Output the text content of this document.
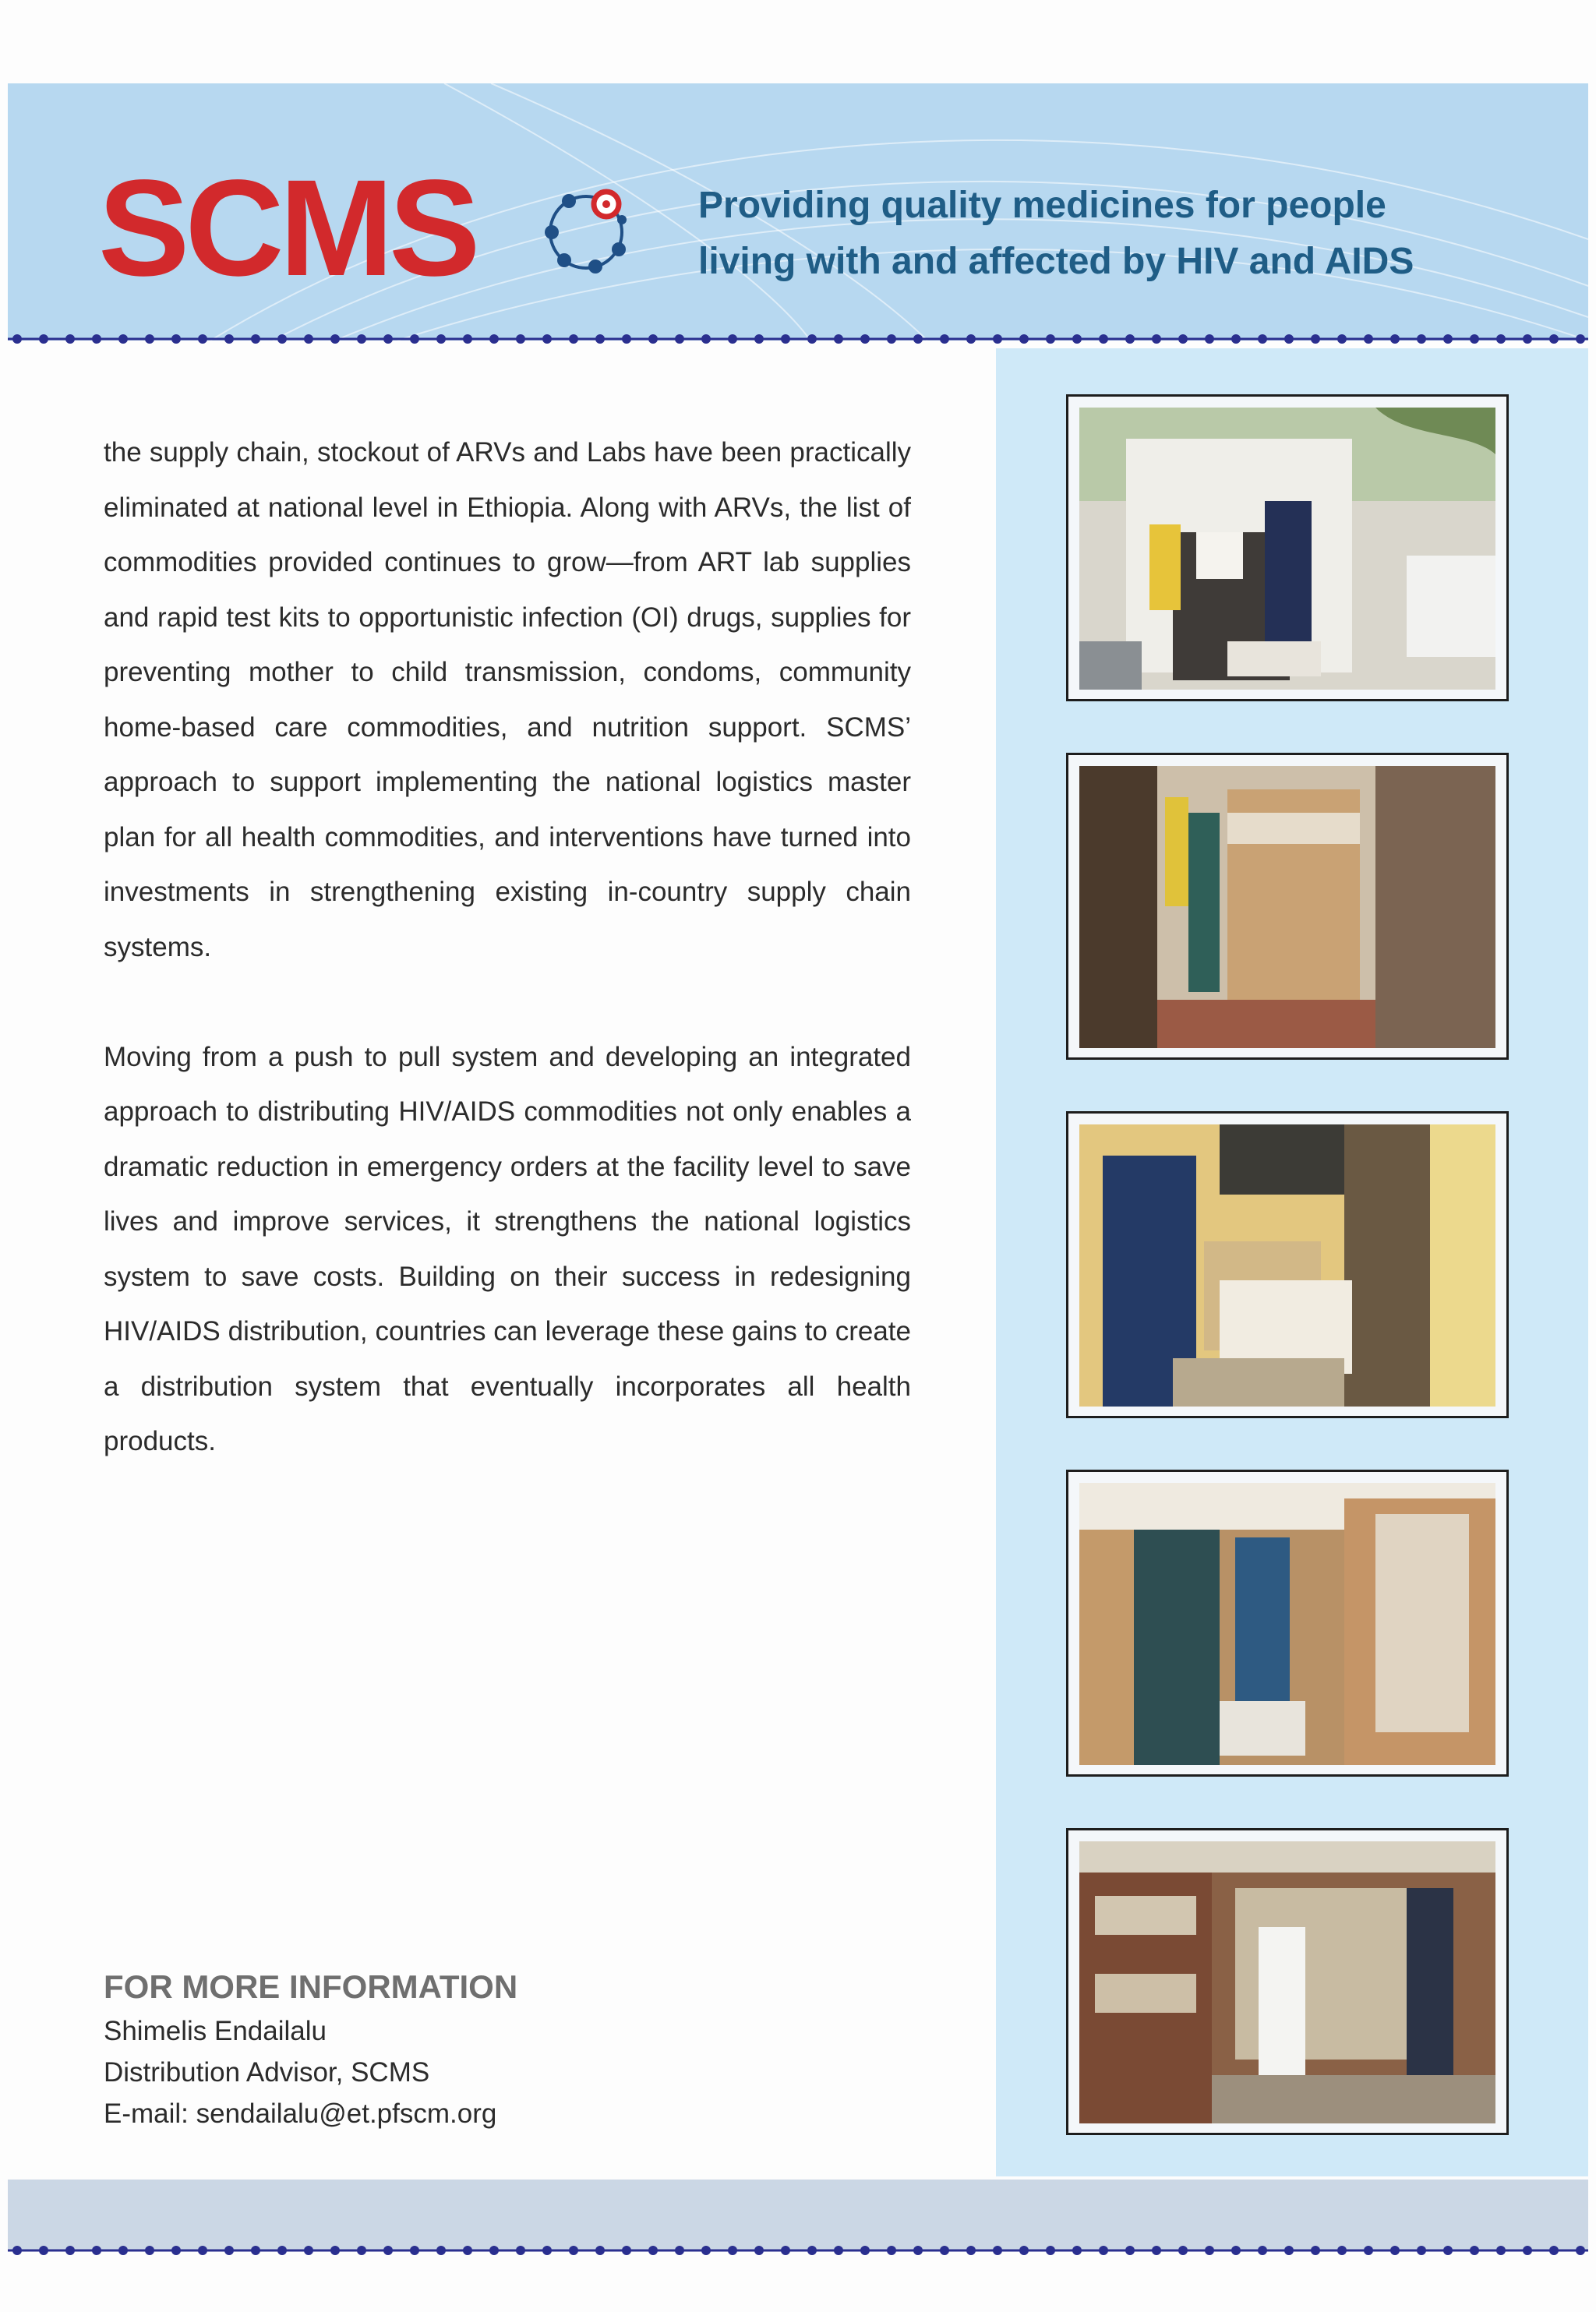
SCMS	Providing quality medicines for people
living with and affected by HIV and AIDS

the supply chain, stockout of ARVs and Labs have been practically eliminated at national level in Ethiopia. Along with ARVs, the list of commodities provided continues to grow—from ART lab supplies and rapid test kits to opportunistic infection (OI) drugs, supplies for preventing mother to child transmission, condoms, community home-based care commodities, and nutrition support. SCMS’ approach to support implementing the national logistics master plan for all health commodities, and interventions have turned into investments in strengthening existing in-country supply chain systems.

Moving from a push to pull system and developing an integrated approach to distributing HIV/AIDS commodities not only enables a dramatic reduction in emergency orders at the facility level to save lives and improve services, it strengthens the national logistics system to save costs. Building on their success in redesigning HIV/AIDS distribution, countries can leverage these gains to create a distribution system that eventually incorporates all health products.

FOR MORE INFORMATION
Shimelis Endailalu
Distribution Advisor, SCMS
E-mail: sendailalu@et.pfscm.org
